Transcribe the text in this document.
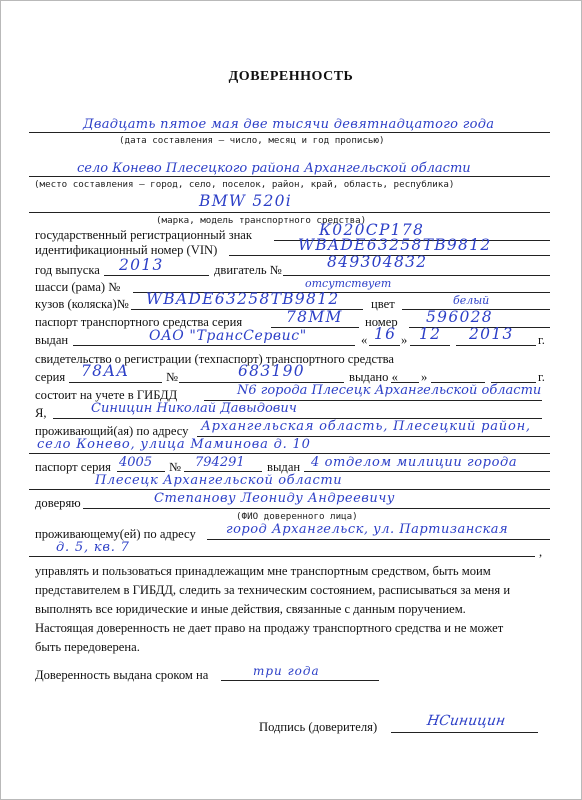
ДОВЕРЕННОСТЬ
Двадцать пятое мая две тысячи девятнадцатого года
(дата составления – число, месяц и год прописью)
село Конево Плесецкого района Архангельской области
(место составления – город, село, поселок, район, край, область, республика)
BMW 520i
(марка, модель транспортного средства)
государственный регистрационный знак	К020СР178
идентификационный номер (VIN)	WBADE63258TB9812
год выпуска 2013	двигатель №	849304832
шасси (рама) №	отсутствует
кузов (коляска)№ WBADE63258TB9812 цвет	белый
паспорт транспортного средства серия	78ММ номер 596028
выдан	ОАО "ТрансСервис"	« 16 » 12 2013 г.
свидетельство о регистрации (техпаспорт) транспортного средства
серия 78АА	№	683190	выдано « »	г.
состоит на учете в ГИБДД	N6 города Плесецк Архангельской области
Я,	Синицин Николай Давыдович
проживающий(ая) по адресу Архангельская область, Плесецкий район,
село Конево, улица Маминова д. 10
паспорт серия 4005 № 794291 выдан 4 отделом милиции города
Плесецк Архангельской области
доверяю	Степанову Леониду Андреевичу
(ФИО доверенного лица)
проживающему(ей) по адресу город Архангельск, ул. Партизанская
д. 5, кв. 7	,
управлять и пользоваться принадлежащим мне транспортным средством, быть моим
представителем в ГИБДД, следить за техническим состоянием, расписываться за меня и
выполнять все юридические и иные действия, связанные с данным поручением.
Настоящая доверенность не дает право на продажу транспортного средства и не может
быть передоверена.
Доверенность выдана сроком на	три года
Подпись (доверителя)	НСиницин
